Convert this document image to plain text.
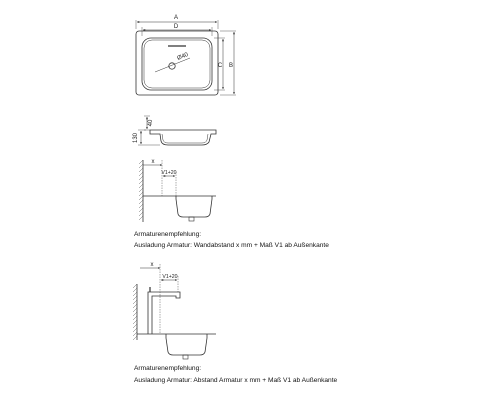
A
D
C B
Ø40
40
130
x
V1+20
x
V1+20
Armaturenempfehlung:
Ausladung Armatur: Wandabstand x mm + Maß V1 ab Außenkante
Armaturenempfehlung:
Ausladung Armatur: Abstand Armatur x mm + Maß V1 ab Außenkante
